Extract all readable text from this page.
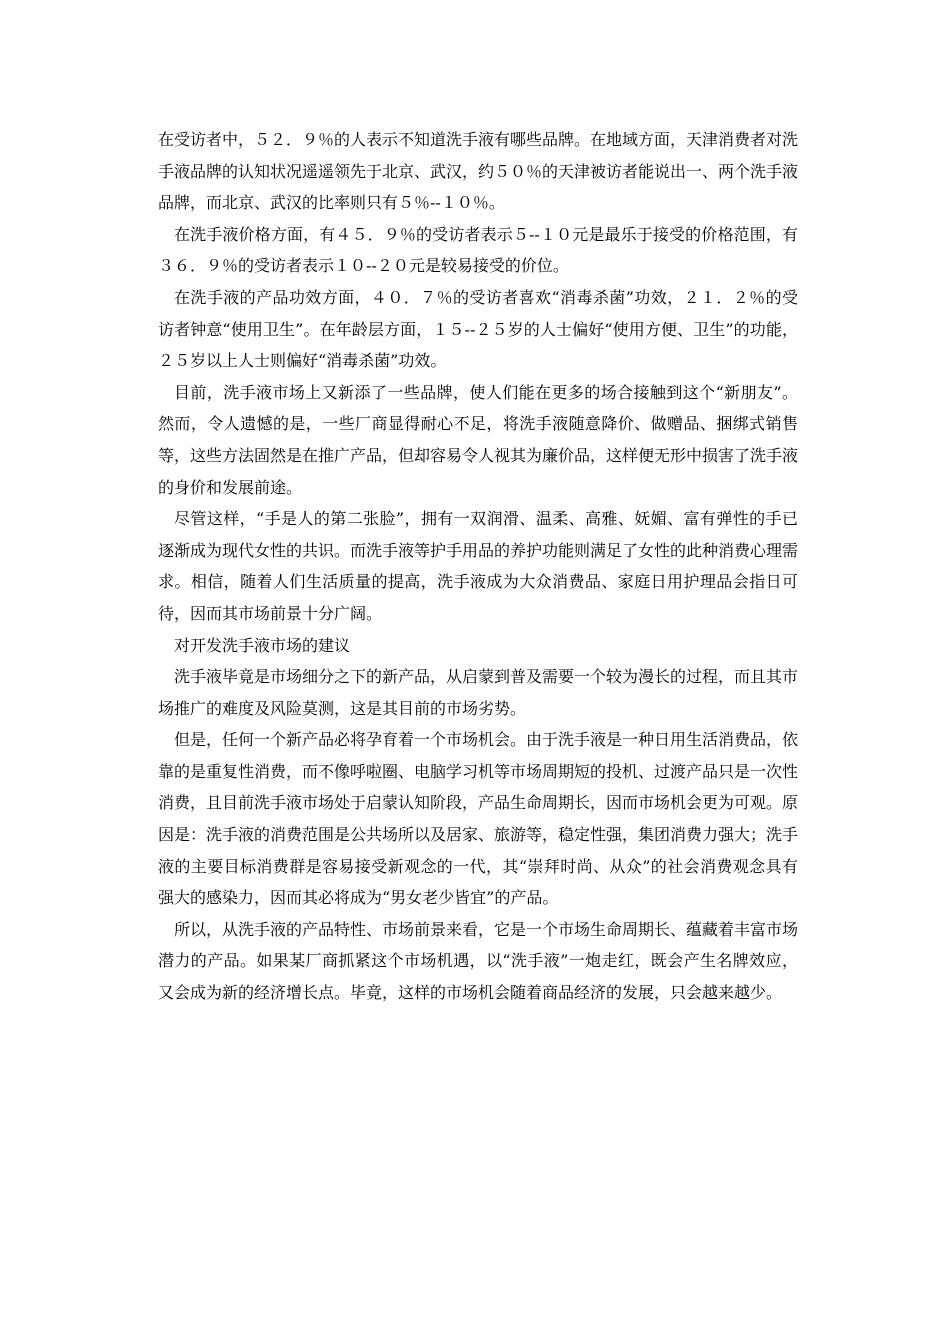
在受访者中，５２．９％的人表示不知道洗手液有哪些品牌。在地域方面，天津消费者对洗手液品牌的认知状况遥遥领先于北京、武汉，约５０％的天津被访者能说出一、两个洗手液品牌，而北京、武汉的比率则只有５％--１０％。

在洗手液价格方面，有４５．９％的受访者表示５--１０元是最乐于接受的价格范围，有３６．９％的受访者表示１０--２０元是较易接受的价位。

在洗手液的产品功效方面，４０．７％的受访者喜欢“消毒杀菌”功效，２１．２％的受访者钟意“使用卫生”。在年龄层方面，１５--２５岁的人士偏好“使用方便、卫生”的功能，２５岁以上人士则偏好“消毒杀菌”功效。

目前，洗手液市场上又新添了一些品牌，使人们能在更多的场合接触到这个“新朋友”。然而，令人遗憾的是，一些厂商显得耐心不足，将洗手液随意降价、做赠品、捆绑式销售等，这些方法固然是在推广产品，但却容易令人视其为廉价品，这样便无形中损害了洗手液的身价和发展前途。

尽管这样，“手是人的第二张脸”，拥有一双润滑、温柔、高雅、妩媚、富有弹性的手已逐渐成为现代女性的共识。而洗手液等护手用品的养护功能则满足了女性的此种消费心理需求。相信，随着人们生活质量的提高，洗手液成为大众消费品、家庭日用护理品会指日可待，因而其市场前景十分广阔。

对开发洗手液市场的建议

洗手液毕竟是市场细分之下的新产品，从启蒙到普及需要一个较为漫长的过程，而且其市场推广的难度及风险莫测，这是其目前的市场劣势。

但是，任何一个新产品必将孕育着一个市场机会。由于洗手液是一种日用生活消费品，依靠的是重复性消费，而不像呼啦圈、电脑学习机等市场周期短的投机、过渡产品只是一次性消费，且目前洗手液市场处于启蒙认知阶段，产品生命周期长，因而市场机会更为可观。原因是：洗手液的消费范围是公共场所以及居家、旅游等，稳定性强，集团消费力强大；洗手液的主要目标消费群是容易接受新观念的一代，其“崇拜时尚、从众”的社会消费观念具有强大的感染力，因而其必将成为“男女老少皆宜”的产品。

所以，从洗手液的产品特性、市场前景来看，它是一个市场生命周期长、蕴藏着丰富市场潜力的产品。如果某厂商抓紧这个市场机遇，以“洗手液”一炮走红，既会产生名牌效应，又会成为新的经济增长点。毕竟，这样的市场机会随着商品经济的发展，只会越来越少。
